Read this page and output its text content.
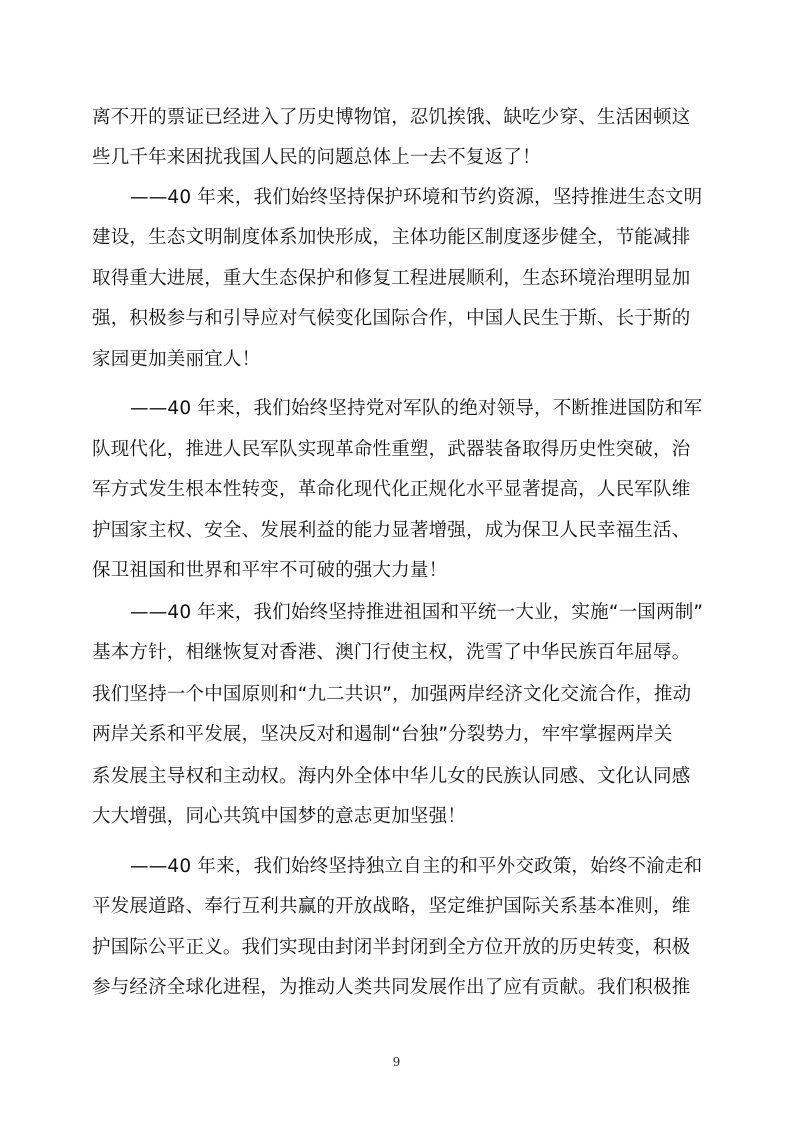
离不开的票证已经进入了历史博物馆，忍饥挨饿、缺吃少穿、生活困顿这
些几千年来困扰我国人民的问题总体上一去不复返了！
——40 年来，我们始终坚持保护环境和节约资源，坚持推进生态文明
建设，生态文明制度体系加快形成，主体功能区制度逐步健全，节能减排
取得重大进展，重大生态保护和修复工程进展顺利，生态环境治理明显加
强，积极参与和引导应对气候变化国际合作，中国人民生于斯、长于斯的
家园更加美丽宜人！
——40 年来，我们始终坚持党对军队的绝对领导，不断推进国防和军
队现代化，推进人民军队实现革命性重塑，武器装备取得历史性突破，治
军方式发生根本性转变，革命化现代化正规化水平显著提高，人民军队维
护国家主权、安全、发展利益的能力显著增强，成为保卫人民幸福生活、
保卫祖国和世界和平牢不可破的强大力量！
——40 年来，我们始终坚持推进祖国和平统一大业，实施“一国两制”
基本方针，相继恢复对香港、澳门行使主权，洗雪了中华民族百年屈辱。
我们坚持一个中国原则和“九二共识”，加强两岸经济文化交流合作，推动
两岸关系和平发展，坚决反对和遏制“台独”分裂势力，牢牢掌握两岸关
系发展主导权和主动权。海内外全体中华儿女的民族认同感、文化认同感
大大增强，同心共筑中国梦的意志更加坚强！
——40 年来，我们始终坚持独立自主的和平外交政策，始终不渝走和
平发展道路、奉行互利共赢的开放战略，坚定维护国际关系基本准则，维
护国际公平正义。我们实现由封闭半封闭到全方位开放的历史转变，积极
参与经济全球化进程，为推动人类共同发展作出了应有贡献。我们积极推
9
